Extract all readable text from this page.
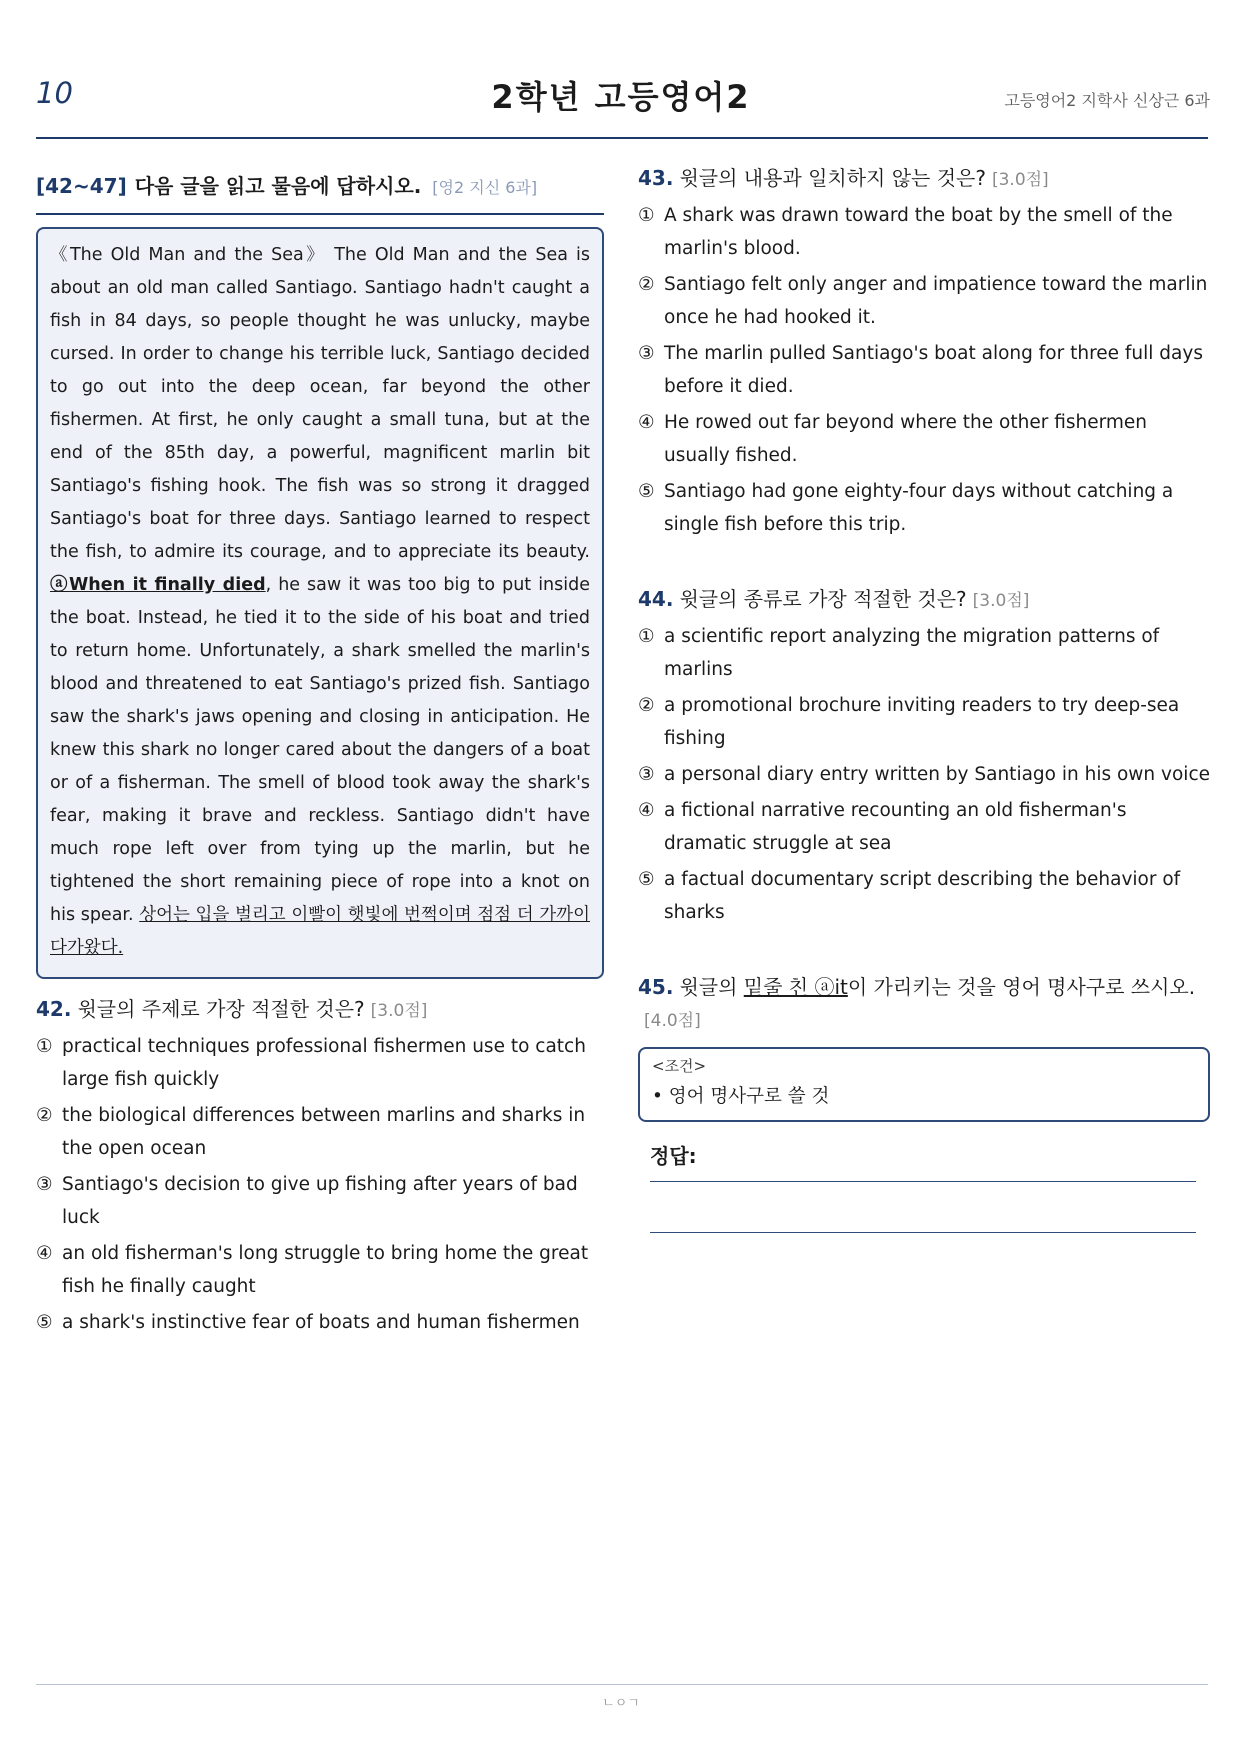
10	2학년 고등영어2	고등영어2 지학사 신상근 6과
[42~47] 다음 글을 읽고 물음에 답하시오. [영2 지신 6과]
《The Old Man and the Sea》 The Old Man and the Sea is about an old man called Santiago. Santiago hadn't caught a fish in 84 days, so people thought he was unlucky, maybe cursed. In order to change his terrible luck, Santiago decided to go out into the deep ocean, far beyond the other fishermen. At first, he only caught a small tuna, but at the end of the 85th day, a powerful, magnificent marlin bit Santiago's fishing hook. The fish was so strong it dragged Santiago's boat for three days. Santiago learned to respect the fish, to admire its courage, and to appreciate its beauty. ⓐWhen it finally died, he saw it was too big to put inside the boat. Instead, he tied it to the side of his boat and tried to return home. Unfortunately, a shark smelled the marlin's blood and threatened to eat Santiago's prized fish. Santiago saw the shark's jaws opening and closing in anticipation. He knew this shark no longer cared about the dangers of a boat or of a fisherman. The smell of blood took away the shark's fear, making it brave and reckless. Santiago didn't have much rope left over from tying up the marlin, but he tightened the short remaining piece of rope into a knot on his spear. 상어는 입을 벌리고 이빨이 햇빛에 번쩍이며 점점 더 가까이 다가왔다.
42. 윗글의 주제로 가장 적절한 것은? [3.0점]
① practical techniques professional fishermen use to catch large fish quickly
② the biological differences between marlins and sharks in the open ocean
③ Santiago's decision to give up fishing after years of bad luck
④ an old fisherman's long struggle to bring home the great fish he finally caught
⑤ a shark's instinctive fear of boats and human fishermen
43. 윗글의 내용과 일치하지 않는 것은? [3.0점]
① A shark was drawn toward the boat by the smell of the marlin's blood.
② Santiago felt only anger and impatience toward the marlin once he had hooked it.
③ The marlin pulled Santiago's boat along for three full days before it died.
④ He rowed out far beyond where the other fishermen usually fished.
⑤ Santiago had gone eighty-four days without catching a single fish before this trip.
44. 윗글의 종류로 가장 적절한 것은? [3.0점]
① a scientific report analyzing the migration patterns of marlins
② a promotional brochure inviting readers to try deep-sea fishing
③ a personal diary entry written by Santiago in his own voice
④ a fictional narrative recounting an old fisherman's dramatic struggle at sea
⑤ a factual documentary script describing the behavior of sharks
45. 윗글의 밑줄 친 ⓐit이 가리키는 것을 영어 명사구로 쓰시오.[4.0점]
<조건>
• 영어 명사구로 쓸 것
정답:
ㄴㅇㄱ
